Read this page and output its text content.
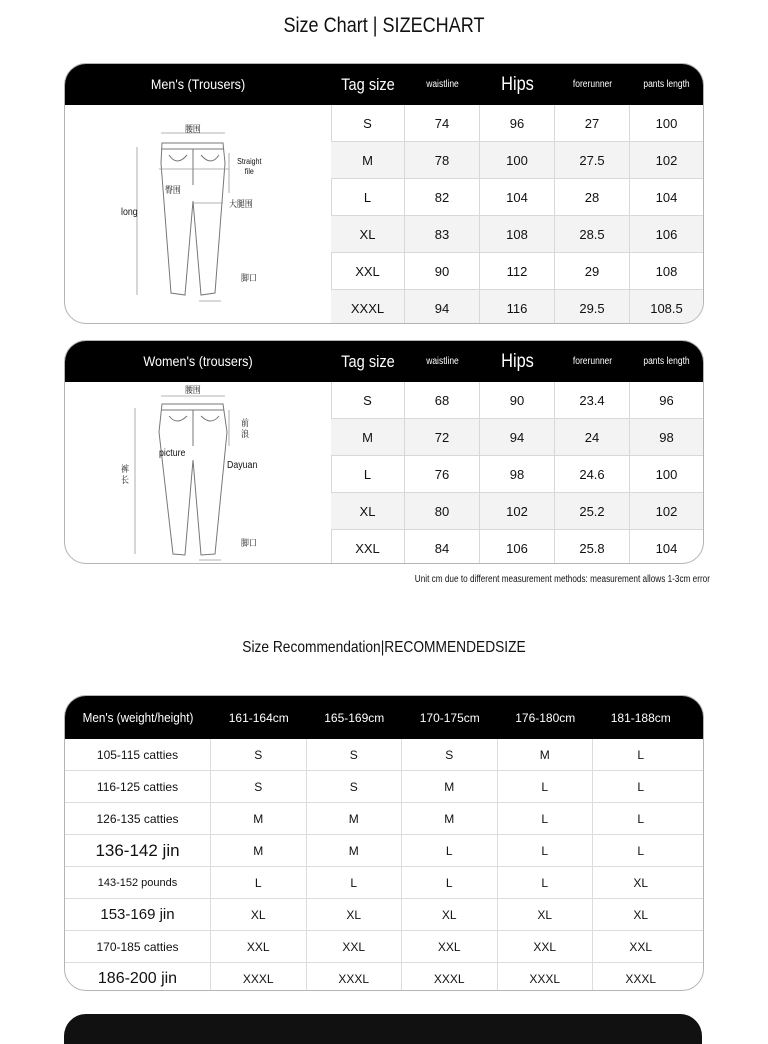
Size Chart | SIZECHART
Men's (Trousers)	Tag size	waistline	Hips	forerunner	pants length
腰围
臀围
大腿围
脚口
long
Straight file
S	74	96	27	100
M	78	100	27.5	102
L	82	104	28	104
XL	83	108	28.5	106
XXL	90	112	29	108
XXXL	94	116	29.5	108.5
Women's (trousers)	Tag size	waistline	Hips	forerunner	pants length
腰围
前浪
裤长
picture
Dayuan
脚口
S	68	90	23.4	96
M	72	94	24	98
L	76	98	24.6	100
XL	80	102	25.2	102
XXL	84	106	25.8	104
Unit cm due to different measurement methods: measurement allows 1-3cm error
Size Recommendation|RECOMMENDEDSIZE
Men's (weight/height)	161-164cm	165-169cm	170-175cm	176-180cm	181-188cm
105-115 catties	S	S	S	M	L
116-125 catties	S	S	M	L	L
126-135 catties	M	M	M	L	L
136-142 jin	M	M	L	L	L
143-152 pounds	L	L	L	L	XL
153-169 jin	XL	XL	XL	XL	XL
170-185 catties	XXL	XXL	XXL	XXL	XXL
186-200 jin	XXXL	XXXL	XXXL	XXXL	XXXL
